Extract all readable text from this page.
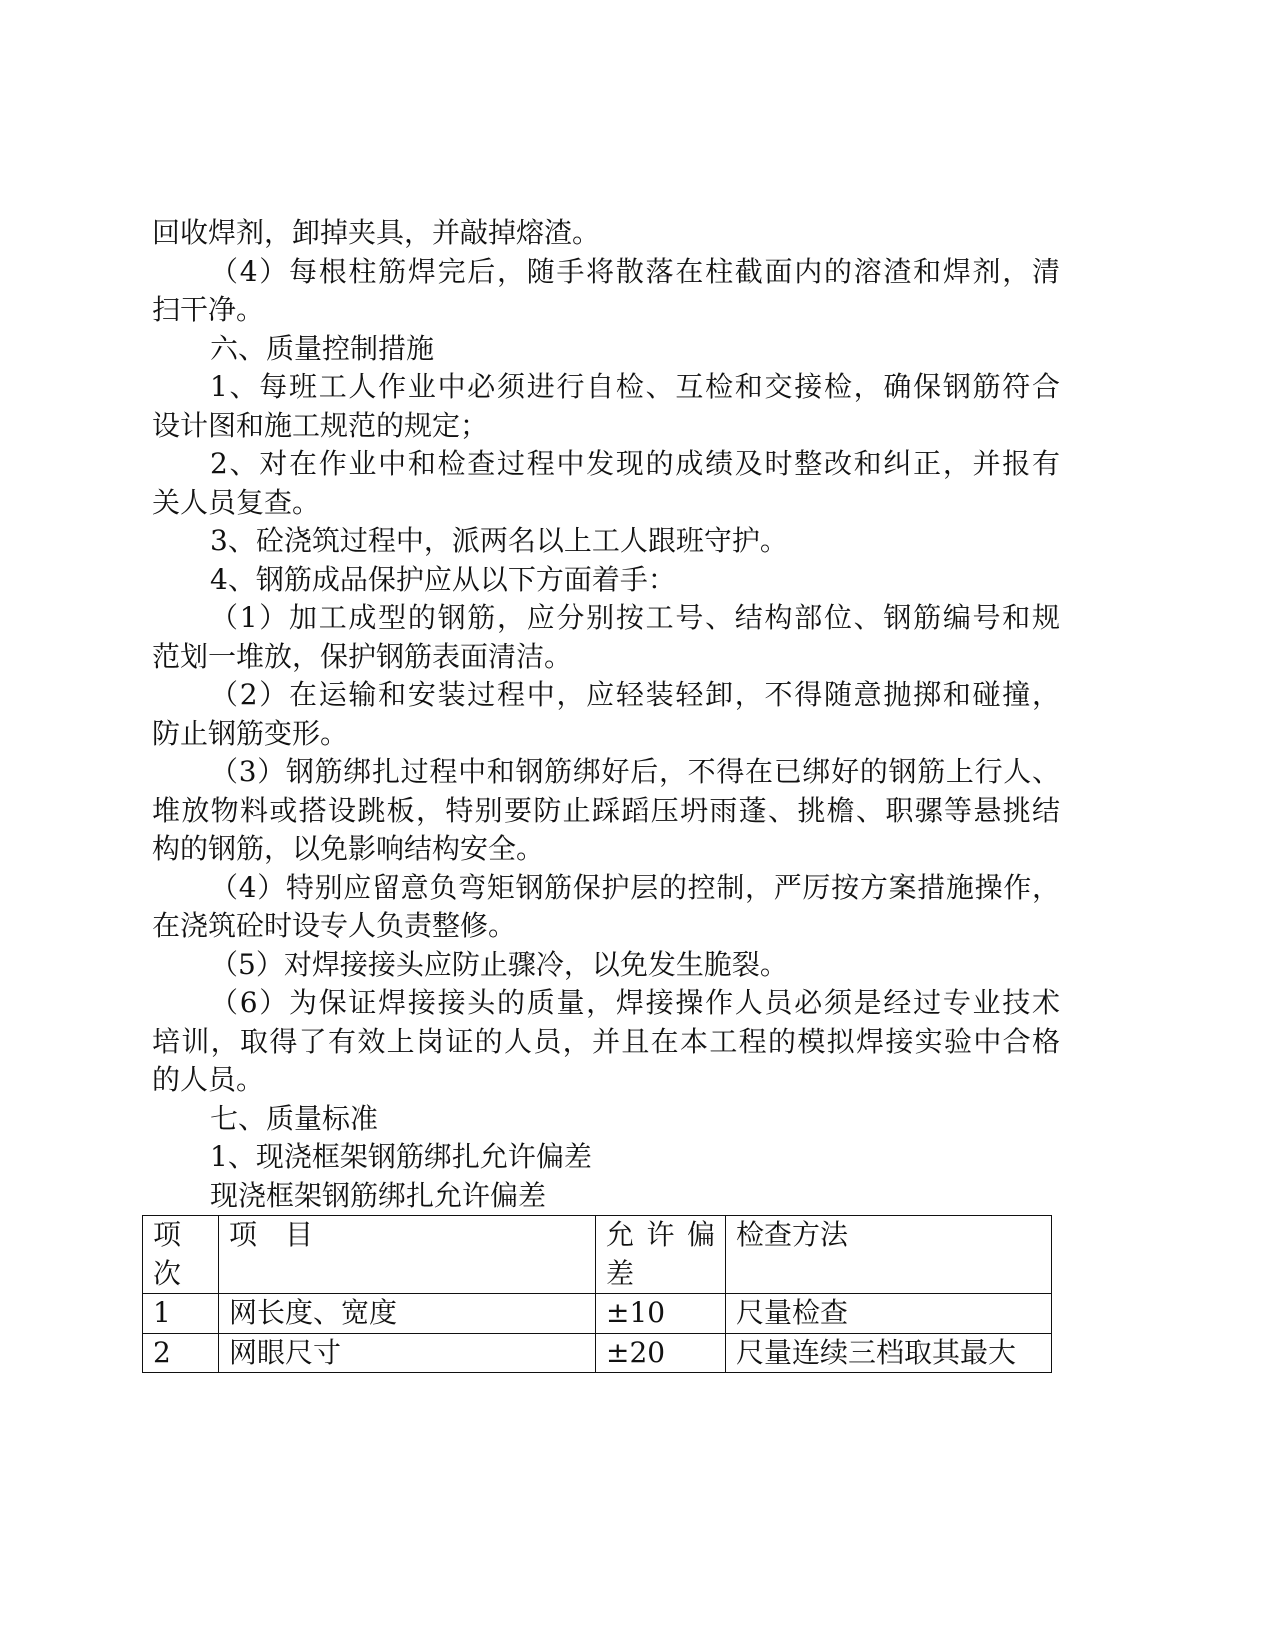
回收焊剂，卸掉夹具，并敲掉熔渣。
（4）每根柱筋焊完后，随手将散落在柱截面内的溶渣和焊剂，清
扫干净。
六、质量控制措施
1、每班工人作业中必须进行自检、互检和交接检，确保钢筋符合
设计图和施工规范的规定；
2、对在作业中和检查过程中发现的成绩及时整改和纠正，并报有
关人员复查。
3、砼浇筑过程中，派两名以上工人跟班守护。
4、钢筋成品保护应从以下方面着手：
（1）加工成型的钢筋，应分别按工号、结构部位、钢筋编号和规
范划一堆放，保护钢筋表面清洁。
（2）在运输和安装过程中，应轻装轻卸，不得随意抛掷和碰撞，
防止钢筋变形。
（3）钢筋绑扎过程中和钢筋绑好后，不得在已绑好的钢筋上行人、
堆放物料或搭设跳板，特别要防止踩蹈压坍雨蓬、挑檐、职骡等悬挑结
构的钢筋，以免影响结构安全。
（4）特别应留意负弯矩钢筋保护层的控制，严厉按方案措施操作，
在浇筑砼时设专人负责整修。
（5）对焊接接头应防止骤冷，以免发生脆裂。
（6）为保证焊接接头的质量，焊接操作人员必须是经过专业技术
培训，取得了有效上岗证的人员，并且在本工程的模拟焊接实验中合格
的人员。
七、质量标准
1、现浇框架钢筋绑扎允许偏差
现浇框架钢筋绑扎允许偏差
项次	项　目	允许偏差	检查方法
1	网长度、宽度	±10	尺量检查
2	网眼尺寸	±20	尺量连续三档取其最大
